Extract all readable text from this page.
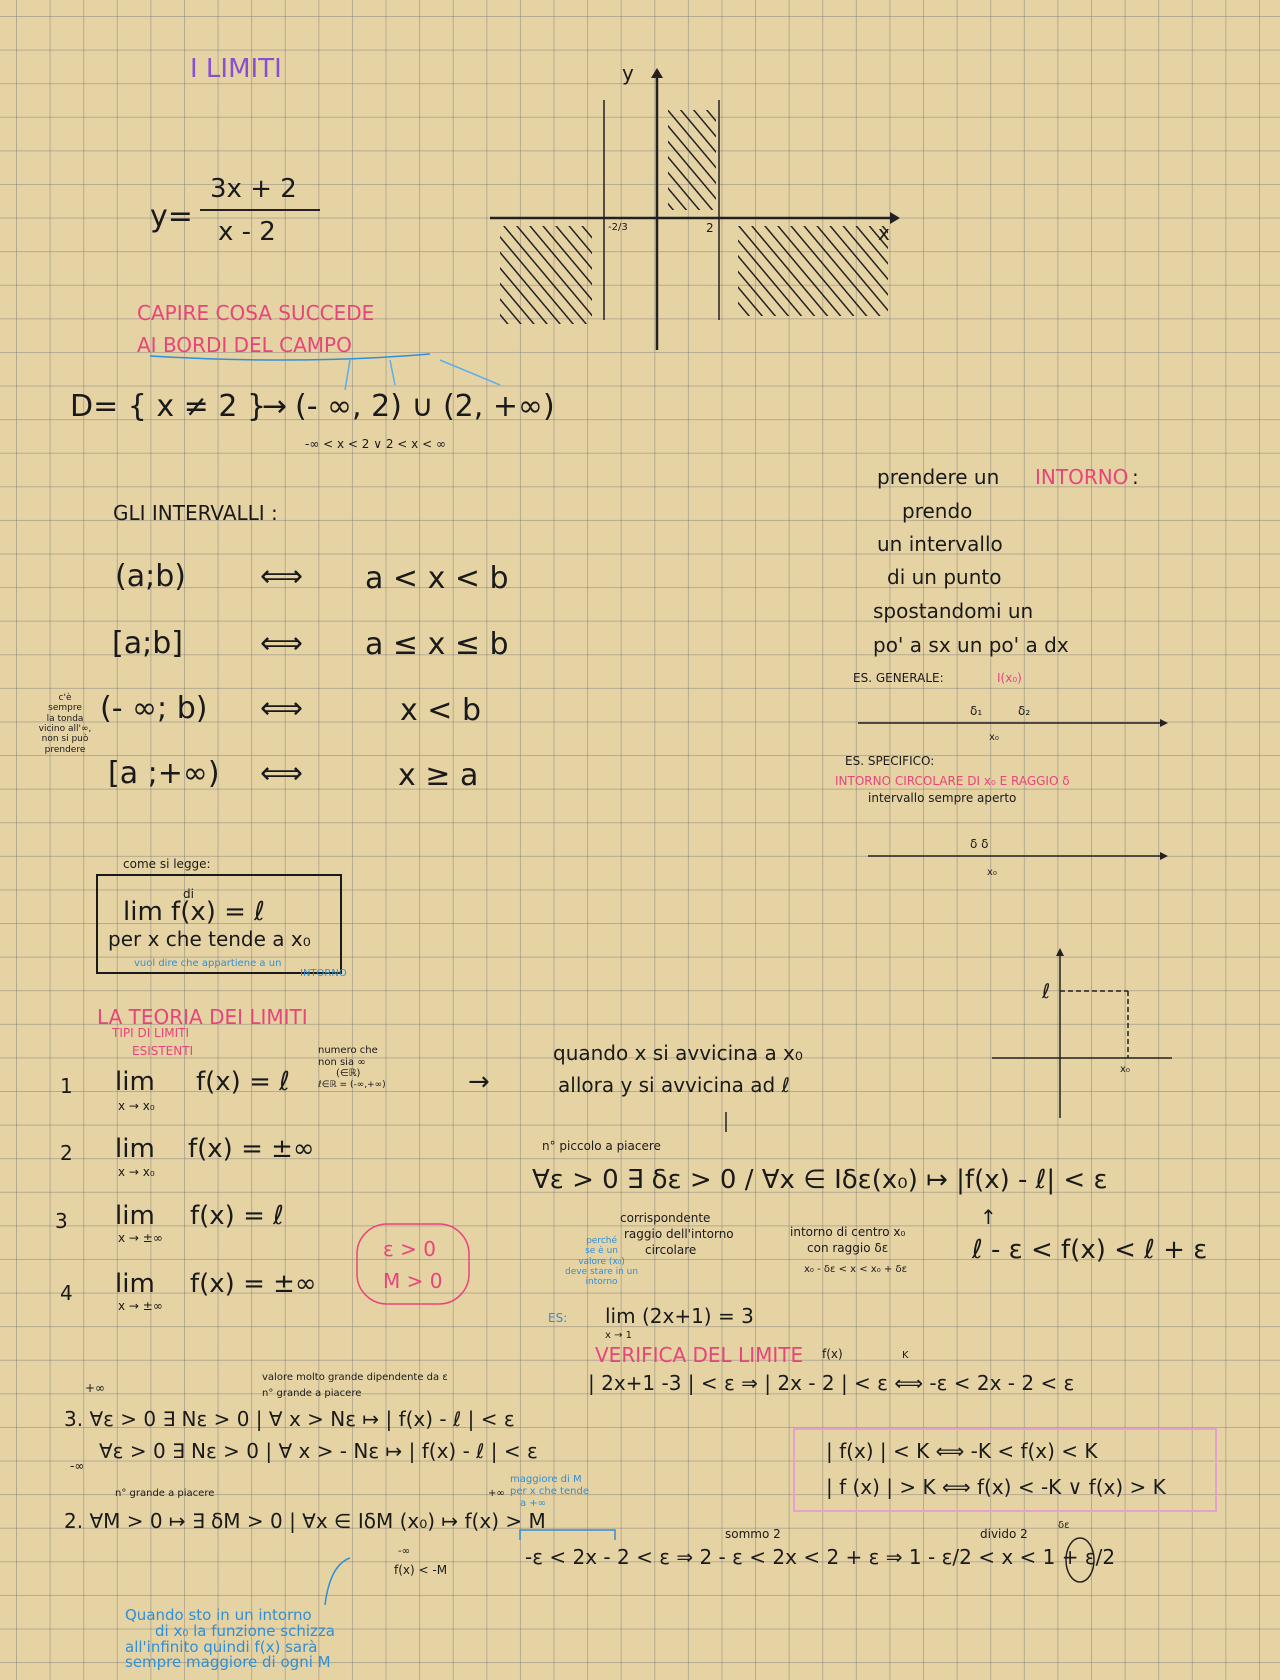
I LIMITI
y=
3x + 2
x - 2
y
x
-2/3	2
CAPIRE COSA SUCCEDE
AI BORDI DEL CAMPO
D= { x ≠ 2 }
→ (- ∞, 2) ∪ (2, +∞)
-∞ < x < 2 ∨ 2 < x < ∞
GLI INTERVALLI :
(a;b) ⟺ a < x < b
[a;b]	⟺ a ≤ x ≤ b
(- ∞; b) ⟺	x < b
[a ;+∞) ⟺	x ≥ a
c'è
sempre
la tonda
vicino all'∞,
non si può
prendere
prendere un INTORNO :
prendo
un intervallo
di un punto
spostandomi un
po' a sx un po' a dx
ES. GENERALE:	I(x₀)
δ₁	δ₂
x₀
ES. SPECIFICO:
INTORNO CIRCOLARE DI x₀ E RAGGIO δ
intervallo sempre aperto
δ δ
x₀
come si legge:
di
lim f(x) = ℓ
per x che tende a x₀
vuol dire che appartiene a un
INTORNO
LA TEORIA DEI LIMITI
TIPI DI LIMITI
ESISTENTI
1 lim
x → x₀
f(x) = ℓ
2 lim
x → x₀
f(x) = ±∞
3 lim
x → ±∞
f(x) = ℓ
4 lim
x → ±∞
f(x) = ±∞
numero che
non sia ∞
(∈ℝ)
ℓ∈ℝ = (-∞,+∞)	→
ε > 0
M > 0
quando x si avvicina a x₀
allora y si avvicina ad ℓ
n° piccolo a piacere
∀ε > 0 ∃ δε > 0 / ∀x ∈ Iδε(x₀) ↦ |f(x) - ℓ| < ε
corrispondente
raggio dell'intorno
circolare
perché
se è un
valore (x₀)
deve stare in un
intorno
intorno di centro x₀
con raggio δε
x₀ - δε < x < x₀ + δε
↑
ℓ - ε < f(x) < ℓ + ε
ℓ
x₀
ES: lim (2x+1) = 3
x → 1
VERIFICA DEL LIMITE f(x)	K
| 2x+1 -3 | < ε ⇒ | 2x - 2 | < ε ⟺ -ε < 2x - 2 < ε
| f(x) | < K ⟺ -K < f(x) < K
| f (x) | > K ⟺ f(x) < -K ∨ f(x) > K
+∞
valore molto grande dipendente da ε
n° grande a piacere
3. ∀ε > 0 ∃ Nε > 0 | ∀ x > Nε ↦ | f(x) - ℓ | < ε
∀ε > 0 ∃ Nε > 0 | ∀ x > - Nε ↦ | f(x) - ℓ | < ε
-∞
n° grande a piacere
2. ∀M > 0 ↦ ∃ δM > 0 | ∀x ∈ IδM (x₀) ↦ f(x) > M
maggiore di M
per x che tende
a +∞
+∞
-∞
f(x) < -M
sommo 2	divido 2
δε
-ε < 2x - 2 < ε ⇒ 2 - ε < 2x < 2 + ε ⇒ 1 - ε/2 < x < 1 + ε/2
Quando sto in un intorno
di x₀ la funzione schizza
all'infinito quindi f(x) sarà
sempre maggiore di ogni M
